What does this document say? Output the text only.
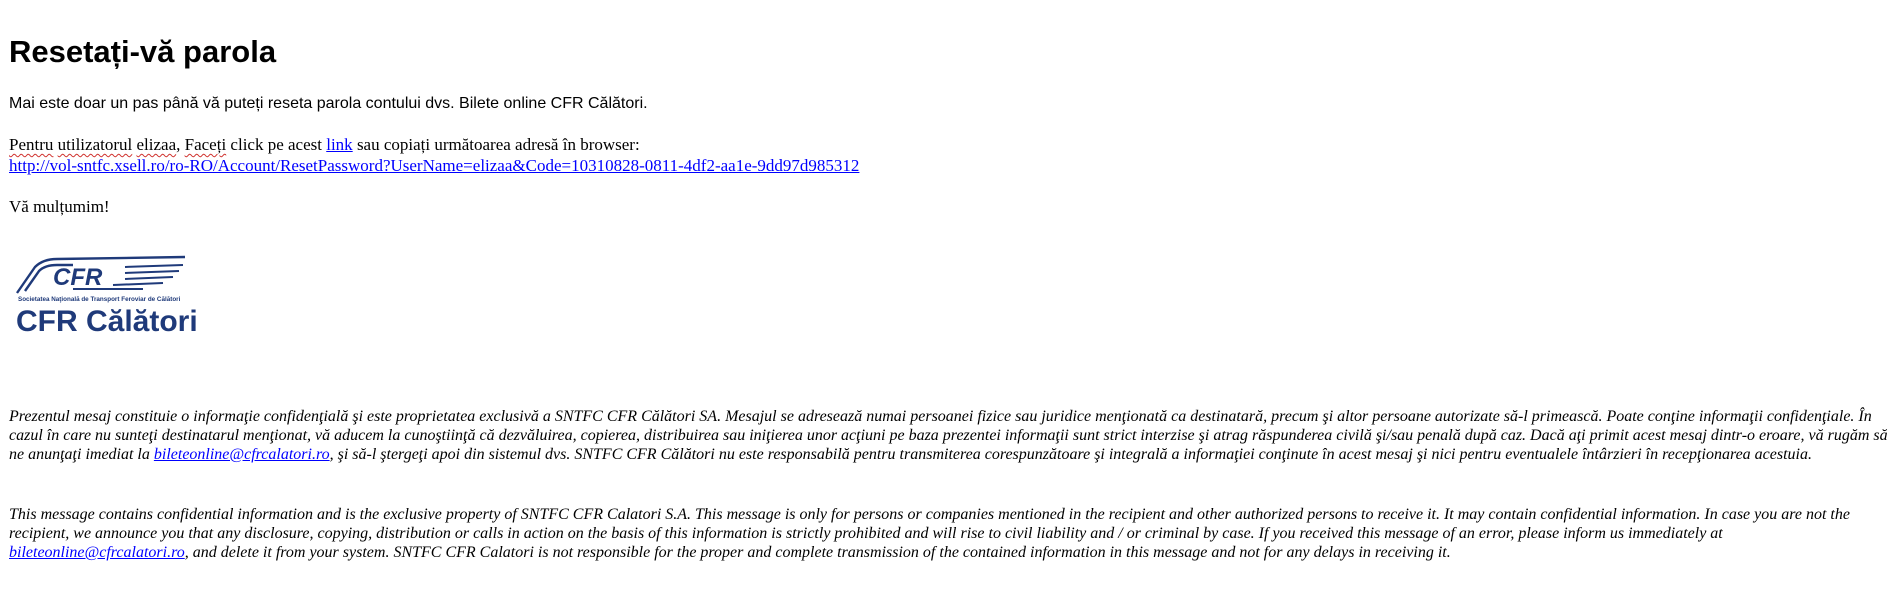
Resetați-vă parola
Mai este doar un pas până vă puteți reseta parola contului dvs. Bilete online CFR Călători.
Pentru utilizatorul elizaa, Faceți click pe acest link sau copiați următoarea adresă în browser:
http://vol-sntfc.xsell.ro/ro-RO/Account/ResetPassword?UserName=elizaa&Code=10310828-0811-4df2-aa1e-9dd97d985312
Vă mulțumim!
CFR
Societatea Naţională de Transport Feroviar de Călători
CFR Călători

Prezentul mesaj constituie o informaţie confidenţială şi este proprietatea exclusivă a SNTFC CFR Călători SA. Mesajul se adresează numai persoanei fizice sau juridice menţionată ca destinatară, precum şi altor persoane autorizate să-l primească. Poate conţine informaţii confidenţiale. În cazul în care nu sunteţi destinatarul menţionat, vă aducem la cunoştiinţă că dezvăluirea, copierea, distribuirea sau iniţierea unor acţiuni pe baza prezentei informaţii sunt strict interzise şi atrag răspunderea civilă şi/sau penală după caz. Dacă aţi primit acest mesaj dintr-o eroare, vă rugăm să ne anunţaţi imediat la bileteonline@cfrcalatori.ro, şi să-l ştergeţi apoi din sistemul dvs. SNTFC CFR Călători nu este responsabilă pentru transmiterea corespunzătoare şi integrală a informaţiei conţinute în acest mesaj şi nici pentru eventualele întârzieri în recepţionarea acestuia.

This message contains confidential information and is the exclusive property of SNTFC CFR Calatori S.A. This message is only for persons or companies mentioned in the recipient and other authorized persons to receive it. It may contain confidential information. In case you are not the recipient, we announce you that any disclosure, copying, distribution or calls in action on the basis of this information is strictly prohibited and will rise to civil liability and / or criminal by case. If you received this message of an error, please inform us immediately at bileteonline@cfrcalatori.ro, and delete it from your system. SNTFC CFR Calatori is not responsible for the proper and complete transmission of the contained information in this message and not for any delays in receiving it.
